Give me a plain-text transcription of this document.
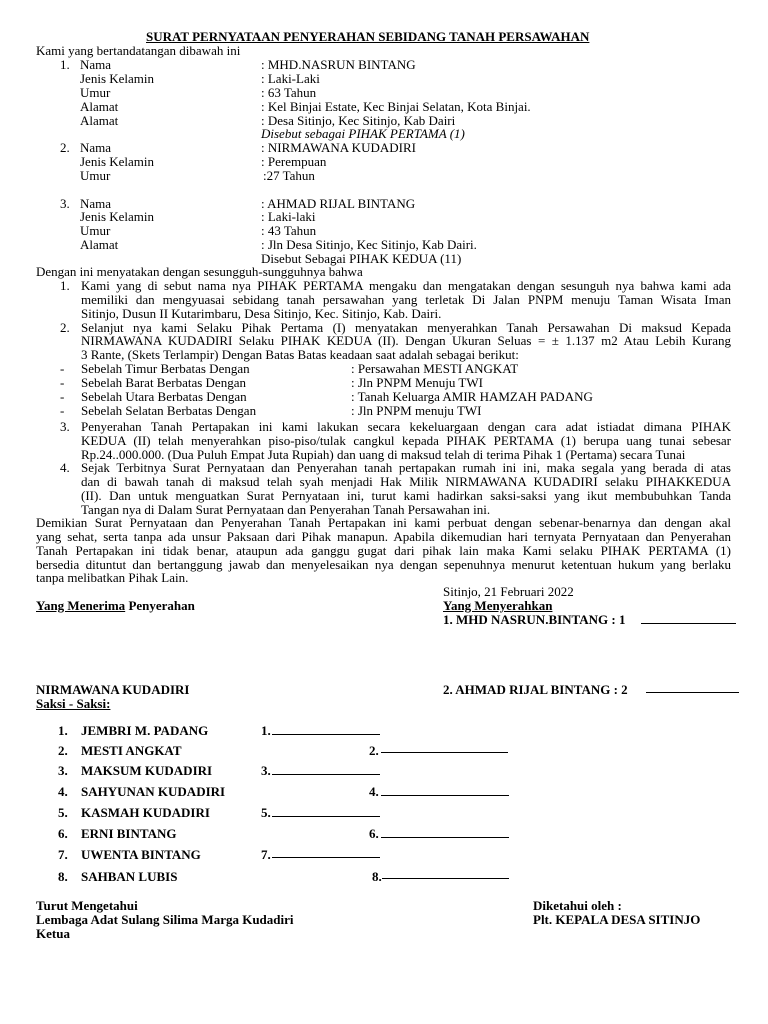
SURAT PERNYATAAN PENYERAHAN SEBIDANG TANAH PERSAWAHAN
Kami yang bertandatangan dibawah ini
1. Nama	: MHD.NASRUN BINTANG
Jenis Kelamin	: Laki-Laki
Umur	: 63 Tahun
Alamat	: Kel Binjai Estate, Kec Binjai Selatan, Kota Binjai.
Alamat	: Desa Sitinjo, Kec Sitinjo, Kab Dairi
Disebut sebagai PIHAK PERTAMA (1)
2. Nama	: NIRMAWANA KUDADIRI
Jenis Kelamin	: Perempuan
Umur	:27 Tahun
3. Nama	: AHMAD RIJAL BINTANG
Jenis Kelamin	: Laki-laki
Umur	: 43 Tahun
Alamat	: Jln Desa Sitinjo, Kec Sitinjo, Kab Dairi.
Disebut Sebagai PIHAK KEDUA (11)
Dengan ini menyatakan dengan sesungguh-sungguhnya bahwa
1. Kami yang di sebut nama nya PIHAK PERTAMA mengaku dan mengatakan dengan sesunguh nya bahwa kami ada
memiliki dan mengyuasai sebidang tanah persawahan yang terletak Di Jalan PNPM menuju Taman Wisata Iman
Sitinjo, Dusun II Kutarimbaru, Desa Sitinjo, Kec. Sitinjo, Kab. Dairi.
2. Selanjut nya kami Selaku Pihak Pertama (I) menyatakan menyerahkan Tanah Persawahan Di maksud Kepada
NIRMAWANA KUDADIRI Selaku PIHAK KEDUA (II). Dengan Ukuran Seluas = ± 1.137 m2 Atau Lebih Kurang
3 Rante, (Skets Terlampir) Dengan Batas Batas keadaan saat adalah sebagai berikut:
- Sebelah Timur Berbatas Dengan	: Persawahan MESTI ANGKAT
- Sebelah Barat Berbatas Dengan	: Jln PNPM Menuju TWI
- Sebelah Utara Berbatas Dengan	: Tanah Keluarga AMIR HAMZAH PADANG
- Sebelah Selatan Berbatas Dengan	: Jln PNPM menuju TWI
3. Penyerahan Tanah Pertapakan ini kami lakukan secara kekeluargaan dengan cara adat istiadat dimana PIHAK
KEDUA (II) telah menyerahkan piso-piso/tulak cangkul kepada PIHAK PERTAMA (1) berupa uang tunai sebesar
Rp.24..000.000. (Dua Puluh Empat Juta Rupiah) dan uang di maksud telah di terima Pihak 1 (Pertama) secara Tunai
4. Sejak Terbitnya Surat Pernyataan dan Penyerahan tanah pertapakan rumah ini ini, maka segala yang berada di atas
dan di bawah tanah di maksud telah syah menjadi Hak Milik NIRMAWANA KUDADIRI selaku PIHAKKEDUA
(II). Dan untuk menguatkan Surat Pernyataan ini, turut kami hadirkan saksi-saksi yang ikut membubuhkan Tanda
Tangan nya di Dalam Surat Pernyataan dan Penyerahan Tanah Persawahan ini.
Demikian Surat Pernyataan dan Penyerahan Tanah Pertapakan ini kami perbuat dengan sebenar-benarnya dan dengan akal
yang sehat, serta tanpa ada unsur Paksaan dari Pihak manapun. Apabila dikemudian hari ternyata Pernyataan dan Penyerahan
Tanah Pertapakan ini tidak benar, ataupun ada ganggu gugat dari pihak lain maka Kami selaku PIHAK PERTAMA (1)
bersedia dituntut dan bertanggung jawab dan menyelesaikan nya dengan sepenuhnya menurut ketentuan hukum yang berlaku
tanpa melibatkan Pihak Lain.
Sitinjo, 21 Februari 2022
Yang Menerima Penyerahan	Yang Menyerahkan
1. MHD NASRUN.BINTANG : 1
NIRMAWANA KUDADIRI	2. AHMAD RIJAL BINTANG : 2
Saksi - Saksi:
1. JEMBRI M. PADANG	1.
2. MESTI ANGKAT	2.
3. MAKSUM KUDADIRI	3.
4. SAHYUNAN KUDADIRI	4.
5. KASMAH KUDADIRI	5.
6. ERNI BINTANG	6.
7. UWENTA BINTANG	7.
8. SAHBAN LUBIS	8.
Turut Mengetahui
Lembaga Adat Sulang Silima Marga Kudadiri
Ketua
Diketahui oleh :
Plt. KEPALA DESA SITINJO
